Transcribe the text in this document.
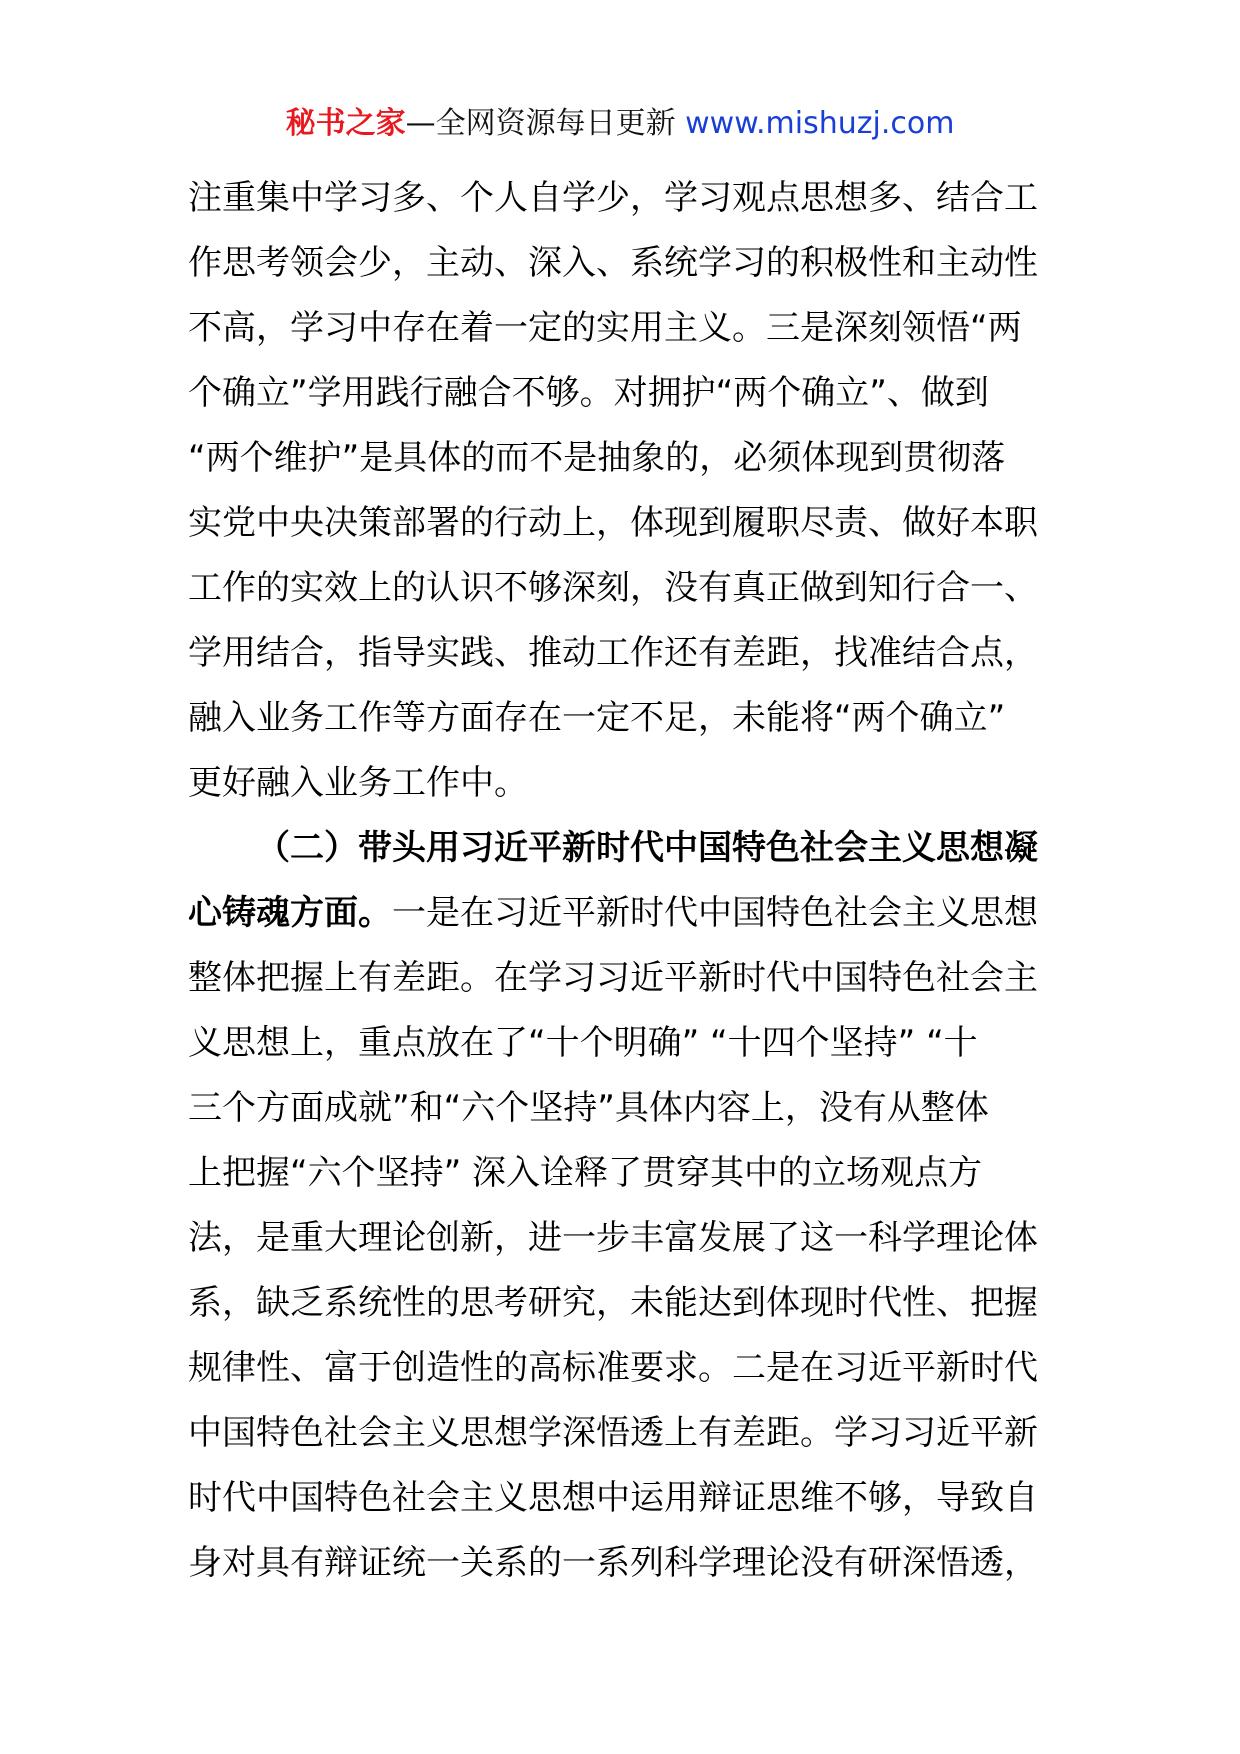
秘书之家—全网资源每日更新 www.mishuzj.com
注重集中学习多、个人自学少，学习观点思想多、结合工
作思考领会少，主动、深入、系统学习的积极性和主动性
不高，学习中存在着一定的实用主义。三是深刻领悟“两
个确立”学用践行融合不够。对拥护“两个确立”、做到
“两个维护”是具体的而不是抽象的，必须体现到贯彻落
实党中央决策部署的行动上，体现到履职尽责、做好本职
工作的实效上的认识不够深刻，没有真正做到知行合一、
学用结合，指导实践、推动工作还有差距，找准结合点，
融入业务工作等方面存在一定不足，未能将“两个确立”
更好融入业务工作中。
（二）带头用习近平新时代中国特色社会主义思想凝
心铸魂方面。一是在习近平新时代中国特色社会主义思想
整体把握上有差距。在学习习近平新时代中国特色社会主
义思想上，重点放在了“十个明确” “十四个坚持” “十
三个方面成就”和“六个坚持”具体内容上，没有从整体
上把握“六个坚持” 深入诠释了贯穿其中的立场观点方
法，是重大理论创新，进一步丰富发展了这一科学理论体
系，缺乏系统性的思考研究，未能达到体现时代性、把握
规律性、富于创造性的高标准要求。二是在习近平新时代
中国特色社会主义思想学深悟透上有差距。学习习近平新
时代中国特色社会主义思想中运用辩证思维不够，导致自
身对具有辩证统一关系的一系列科学理论没有研深悟透，
